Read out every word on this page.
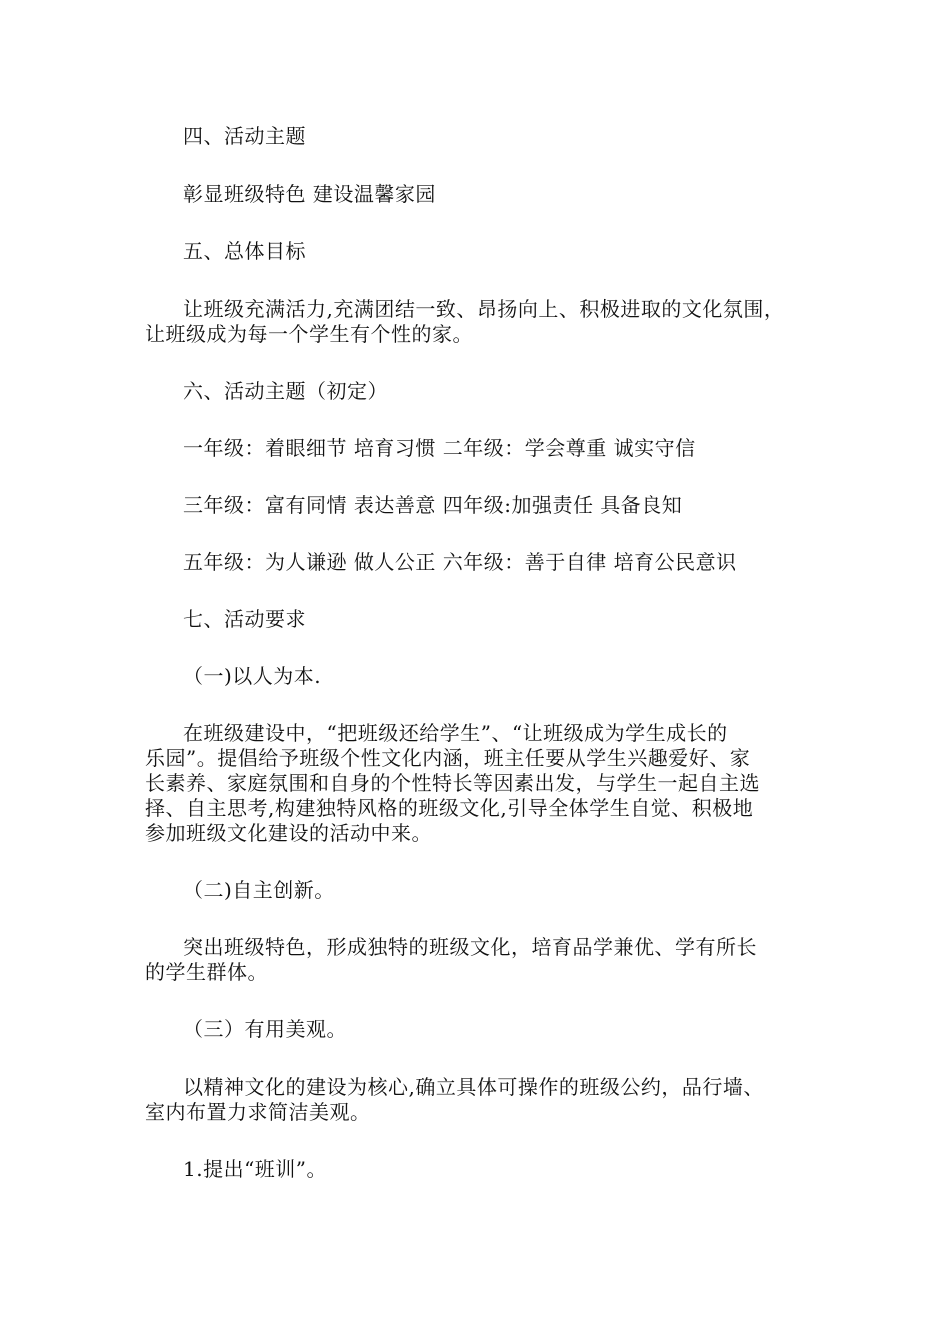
四、活动主题
彰显班级特色 建设温馨家园
五、总体目标
让班级充满活力,充满团结一致、昂扬向上、积极进取的文化氛围，
让班级成为每一个学生有个性的家。
六、活动主题（初定）
一年级：着眼细节 培育习惯 二年级：学会尊重 诚实守信
三年级：富有同情 表达善意 四年级:加强责任 具备良知
五年级：为人谦逊 做人公正 六年级：善于自律 培育公民意识
七、活动要求
（一)以人为本.
在班级建设中，“把班级还给学生”、“让班级成为学生成长的
乐园”。提倡给予班级个性文化内涵，班主任要从学生兴趣爱好、家
长素养、家庭氛围和自身的个性特长等因素出发，与学生一起自主选
择、自主思考,构建独特风格的班级文化,引导全体学生自觉、积极地
参加班级文化建设的活动中来。
（二)自主创新。
突出班级特色，形成独特的班级文化，培育品学兼优、学有所长
的学生群体。
（三）有用美观。
以精神文化的建设为核心,确立具体可操作的班级公约，品行墙、
室内布置力求简洁美观。
1.提出“班训”。
